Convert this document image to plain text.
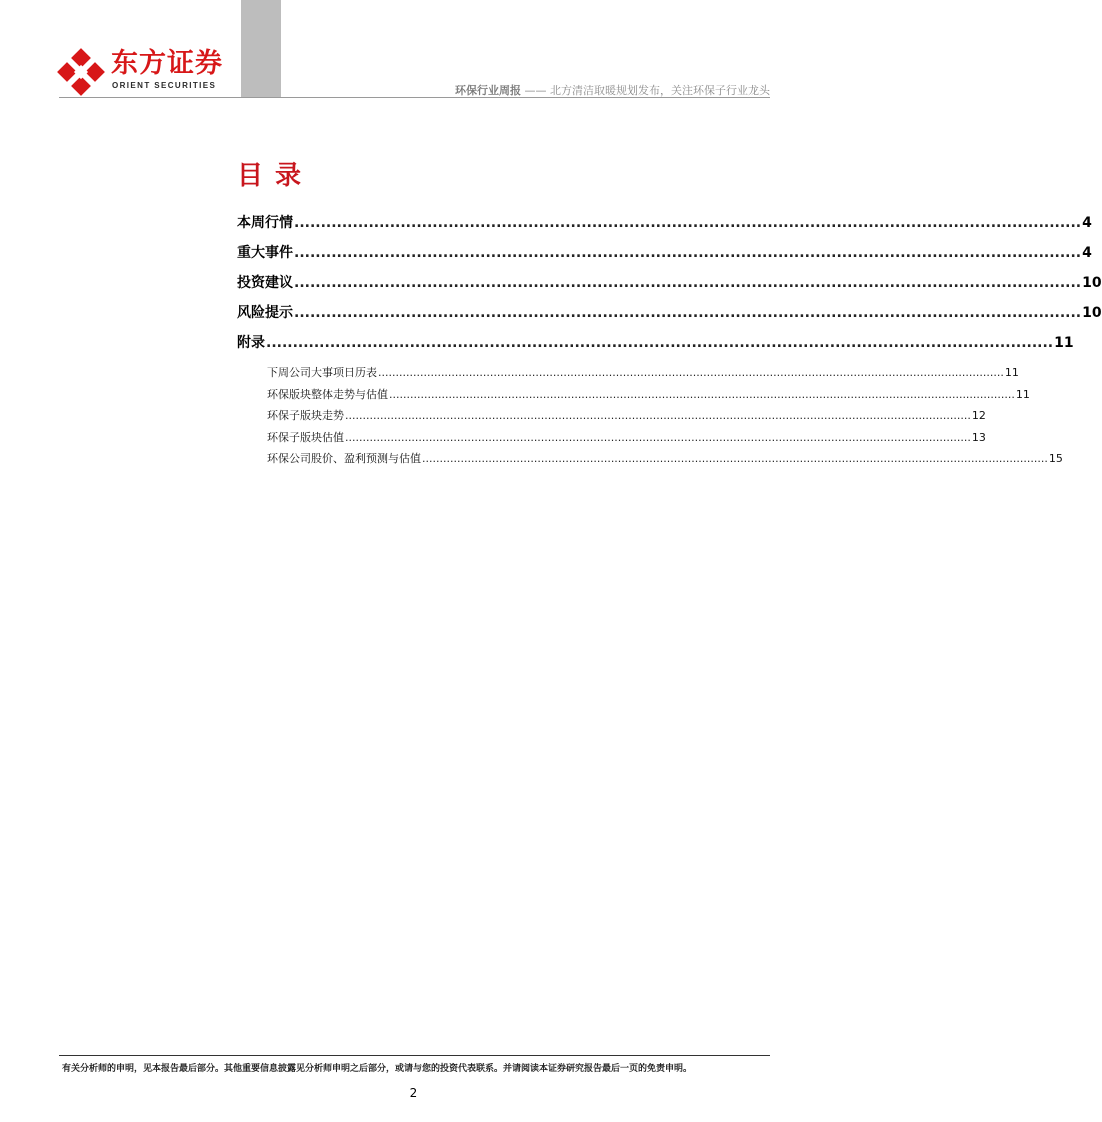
东方证券
ORIENT SECURITIES	环保行业周报 —— 北方清洁取暖规划发布，关注环保子行业龙头
目录
本周行情 .................................................................................................................................................... 4
重大事件 .................................................................................................................................................... 4
投资建议 .................................................................................................................................................... 10
风险提示 .................................................................................................................................................... 10
附录 .................................................................................................................................................... 11
下周公司大事项日历表 ................................................................................................................................................................................... 11
环保版块整体走势与估值 ................................................................................................................................................................................... 11
环保子版块走势 ................................................................................................................................................................................... 12
环保子版块估值 ................................................................................................................................................................................... 13
环保公司股价、盈利预测与估值 ................................................................................................................................................................................... 15
有关分析师的申明，见本报告最后部分。其他重要信息披露见分析师申明之后部分，或请与您的投资代表联系。并请阅读本证券研究报告最后一页的免责申明。
2
